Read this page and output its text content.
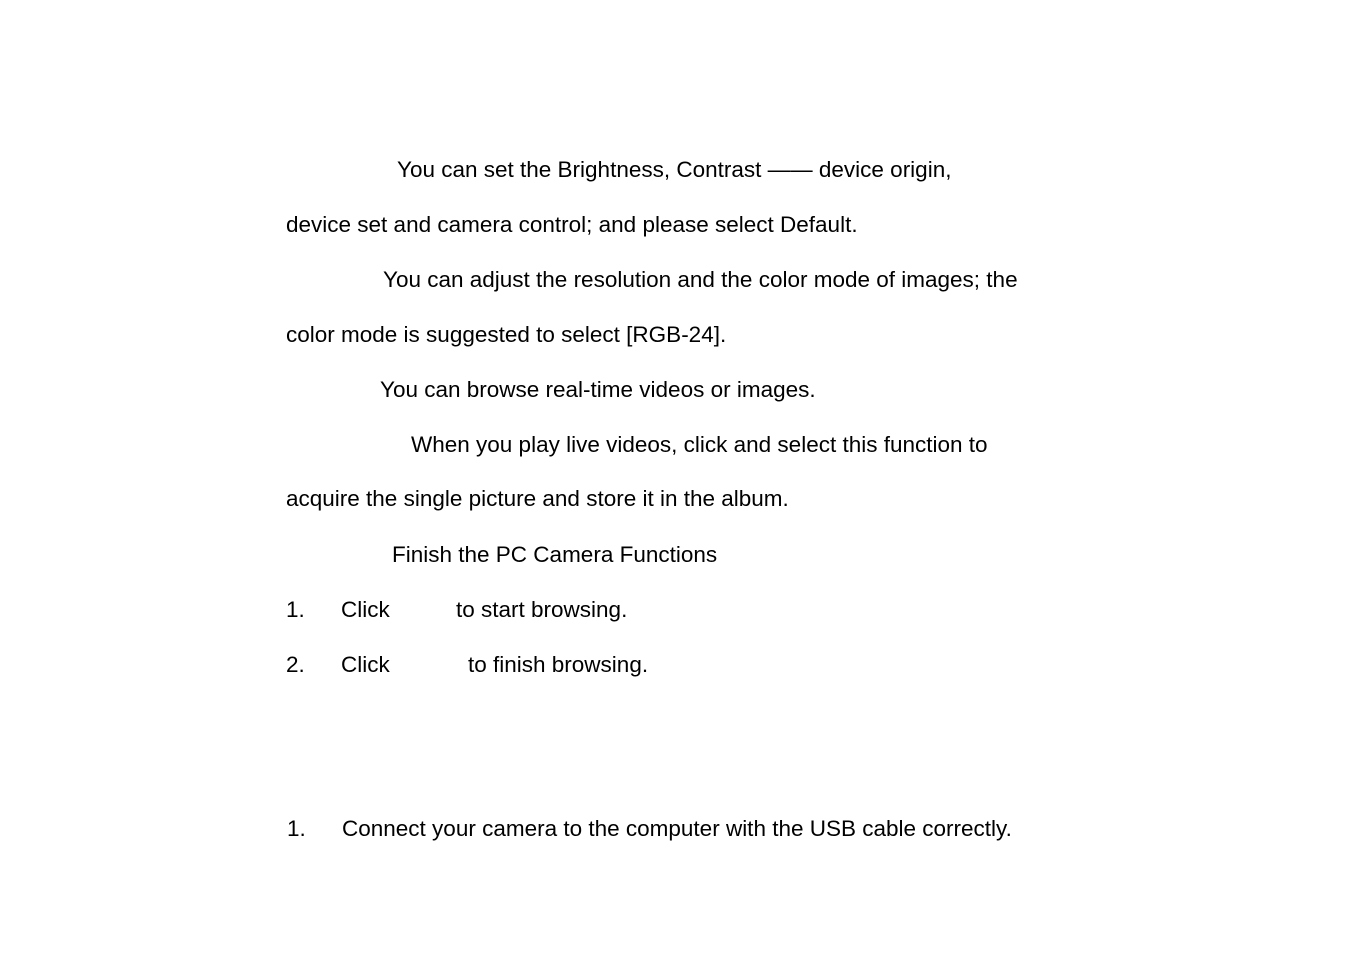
You can set the Brightness, Contrast —— device origin,
device set and camera control; and please select Default.
You can adjust the resolution and the color mode of images; the
color mode is suggested to select [RGB-24].
You can browse real-time videos or images.
When you play live videos, click and select this function to
acquire the single picture and store it in the album.
Finish the PC Camera Functions
1. Click	to start browsing.
2. Click	to finish browsing.
1. Connect your camera to the computer with the USB cable correctly.
